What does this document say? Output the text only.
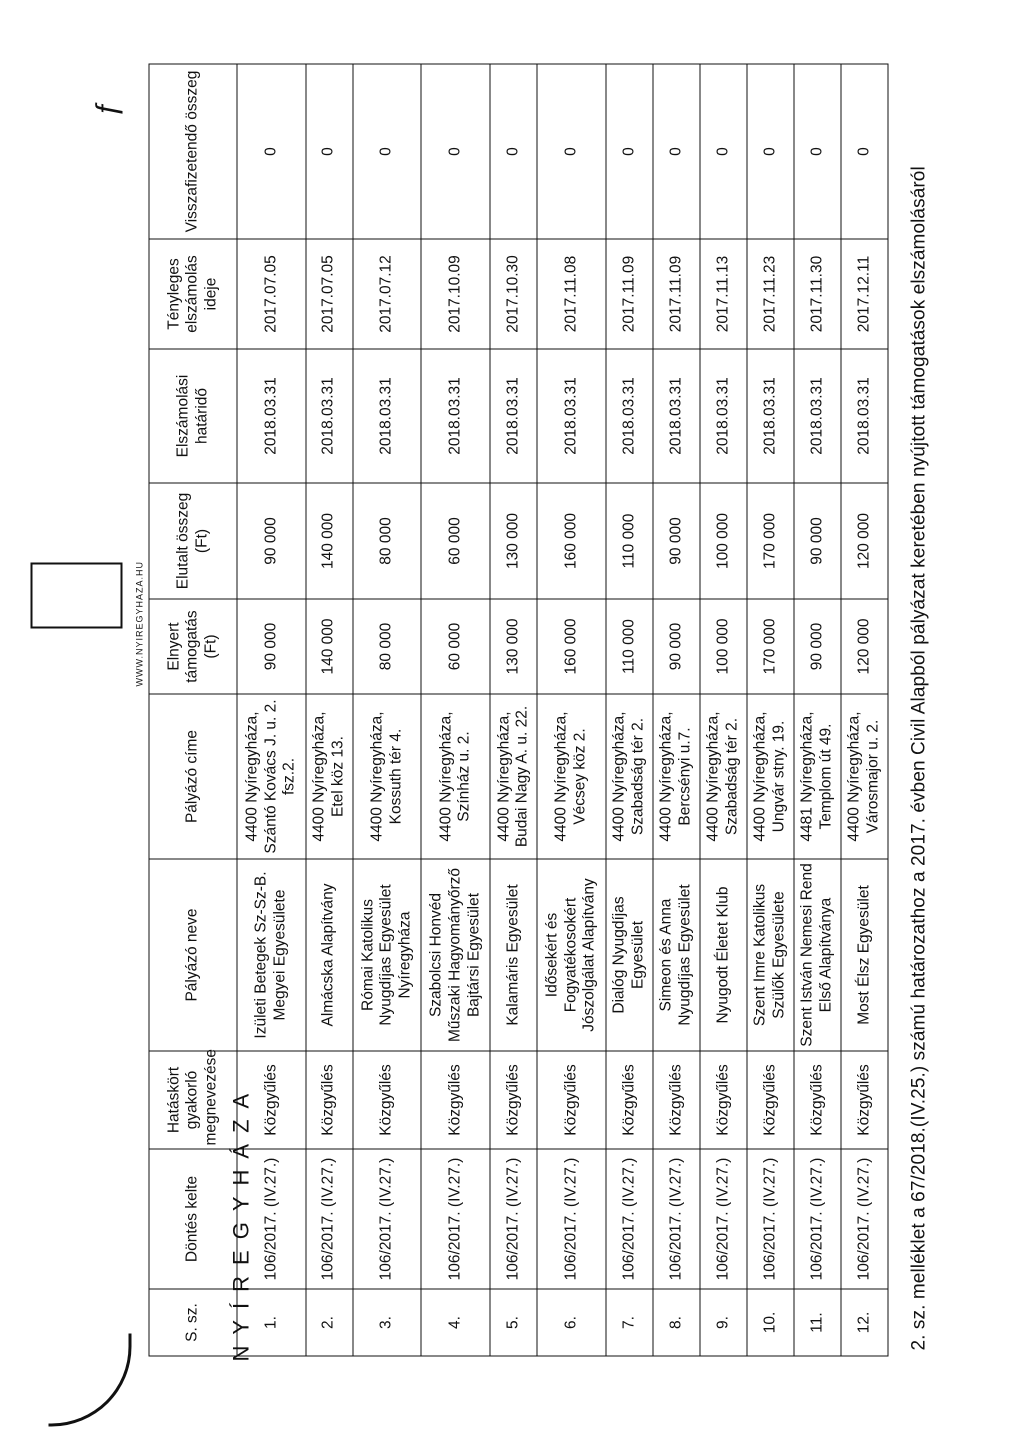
2. sz. melléklet a 67/2018.(IV.25.) számú határozathoz a 2017. évben Civil Alapból pályázat keretében nyújtott támogatások elszámolásáról
S. sz.	Döntés kelte	Hatáskört gyakorló megnevezése	Pályázó neve	Pályázó címe	Elnyert támogatás (Ft)	Elutalt összeg (Ft)	Elszámolási határidő	Tényleges elszámolás ideje	Visszafizetendő összeg
1.	106/2017. (IV.27.)	Közgyűlés	Izületi Betegek Sz-Sz-B. Megyei Egyesülete	4400 Nyíregyháza, Szántó Kovács J. u. 2. fsz.2.	90 000	90 000	2018.03.31	2017.07.05	0
2.	106/2017. (IV.27.)	Közgyűlés	Almácska Alapítvány	4400 Nyíregyháza, Etel köz 13.	140 000	140 000	2018.03.31	2017.07.05	0
3.	106/2017. (IV.27.)	Közgyűlés	Római Katolikus Nyugdíjas Egyesület Nyíregyháza	4400 Nyíregyháza, Kossuth tér 4.	80 000	80 000	2018.03.31	2017.07.12	0
4.	106/2017. (IV.27.)	Közgyűlés	Szabolcsi Honvéd Műszaki Hagyományőrző Bajtársi Egyesület	4400 Nyíregyháza, Színház u. 2.	60 000	60 000	2018.03.31	2017.10.09	0
5.	106/2017. (IV.27.)	Közgyűlés	Kalamáris Egyesület	4400 Nyíregyháza, Budai Nagy A. u. 22.	130 000	130 000	2018.03.31	2017.10.30	0
6.	106/2017. (IV.27.)	Közgyűlés	Idősekért és Fogyatékosokért Jószolgálat Alapítvány	4400 Nyíregyháza, Vécsey köz 2.	160 000	160 000	2018.03.31	2017.11.08	0
7.	106/2017. (IV.27.)	Közgyűlés	Dialóg Nyugdíjas Egyesület	4400 Nyíregyháza, Szabadság tér 2.	110 000	110 000	2018.03.31	2017.11.09	0
8.	106/2017. (IV.27.)	Közgyűlés	Simeon és Anna Nyugdíjas Egyesület	4400 Nyíregyháza, Bercsényi u.7.	90 000	90 000	2018.03.31	2017.11.09	0
9.	106/2017. (IV.27.)	Közgyűlés	Nyugodt Életet Klub	4400 Nyíregyháza, Szabadság tér 2.	100 000	100 000	2018.03.31	2017.11.13	0
10.	106/2017. (IV.27.)	Közgyűlés	Szent Imre Katolikus Szülők Egyesülete	4400 Nyíregyháza, Ungvár stny. 19.	170 000	170 000	2018.03.31	2017.11.23	0
11.	106/2017. (IV.27.)	Közgyűlés	Szent István Nemesi Rend Első Alapítványa	4481 Nyíregyháza, Templom út 49.	90 000	90 000	2018.03.31	2017.11.30	0
12.	106/2017. (IV.27.)	Közgyűlés	Most Élsz Egyesület	4400 Nyíregyháza, Városmajor u. 2.	120 000	120 000	2018.03.31	2017.12.11	0
NYÍREGYHÁZA
WWW.NYIREGYHAZA.HU
ƒ
